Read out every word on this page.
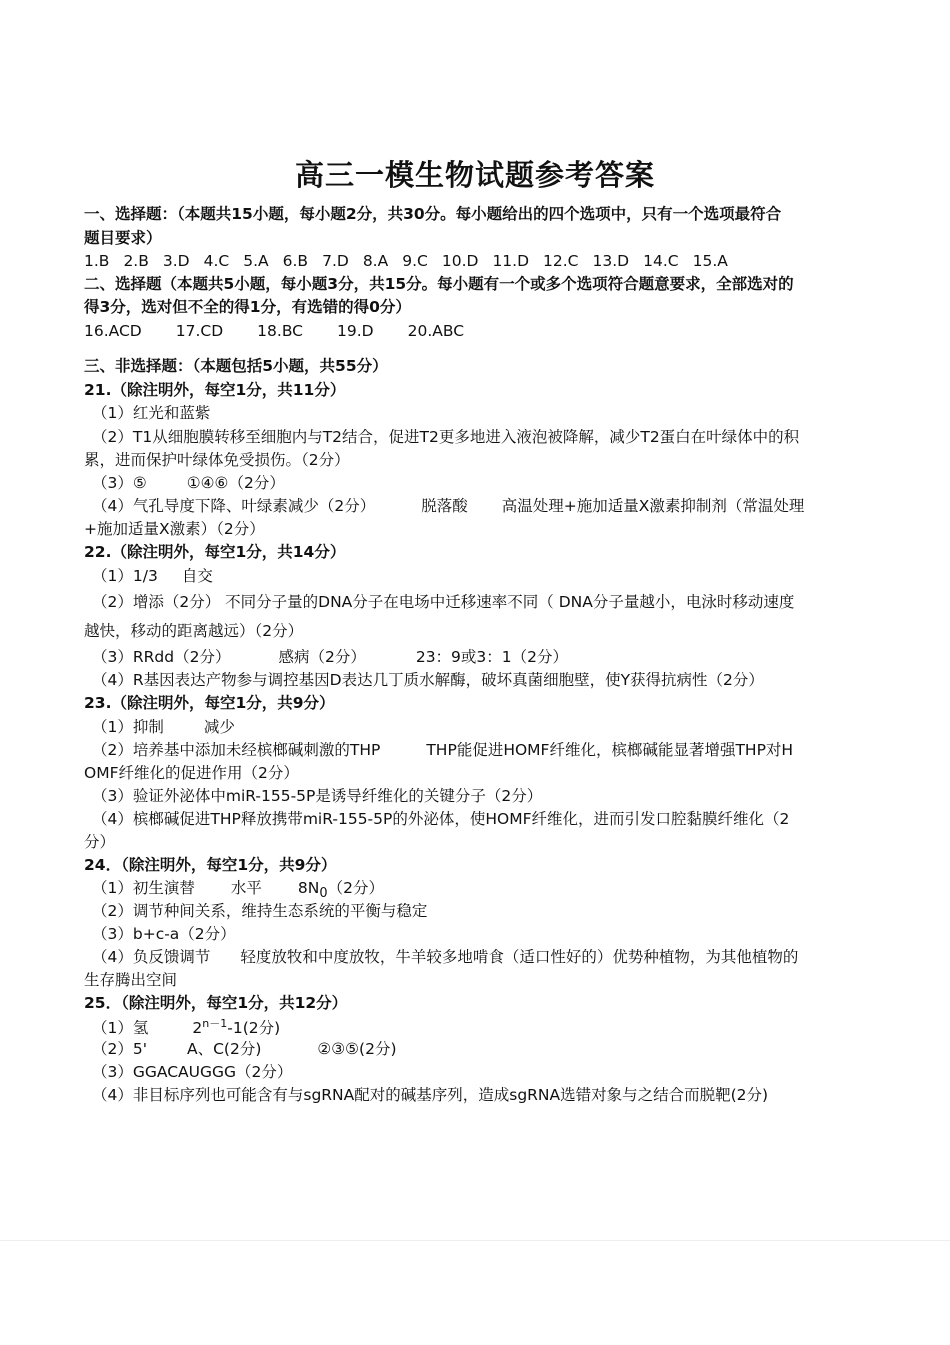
高三一模生物试题参考答案
一、选择题：（本题共15小题，每小题2分，共30分。每小题给出的四个选项中，只有一个选项最符合
题目要求）
1.B 2.B 3.D 4.C 5.A 6.B 7.D 8.A 9.C 10.D 11.D 12.C 13.D 14.C 15.A
二、选择题（本题共5小题，每小题3分，共15分。每小题有一个或多个选项符合题意要求，全部选对的
得3分，选对但不全的得1分，有选错的得0分）
16.ACD 17.CD 18.BC 19.D 20.ABC
三、非选择题：（本题包括5小题，共55分）
21.（除注明外，每空1分，共11分）
（1）红光和蓝紫
（2）T1从细胞膜转移至细胞内与T2结合，促进T2更多地进入液泡被降解，减少T2蛋白在叶绿体中的积
累，进而保护叶绿体免受损伤。（2分）
（3）⑤	①④⑥（2分）
（4）气孔导度下降、叶绿素减少（2分）	脱落酸 高温处理+施加适量X激素抑制剂（常温处理
+施加适量X激素）（2分）
22.（除注明外，每空1分，共14分）
（1）1/3 自交
（2）增添（2分） 不同分子量的DNA分子在电场中迁移速率不同（ DNA分子量越小，电泳时移动速度
越快，移动的距离越远）（2分）
（3）RRdd（2分）	感病（2分）	23：9或3：1（2分）
（4）R基因表达产物参与调控基因D表达几丁质水解酶，破坏真菌细胞壁，使Y获得抗病性（2分）
23.（除注明外，每空1分，共9分）
（1）抑制	减少
（2）培养基中添加未经槟榔碱刺激的THP	THP能促进HOMF纤维化，槟榔碱能显著增强THP对H
OMF纤维化的促进作用（2分）
（3）验证外泌体中miR-155-5P是诱导纤维化的关键分子（2分）
（4）槟榔碱促进THP释放携带miR-155-5P的外泌体，使HOMF纤维化，进而引发口腔黏膜纤维化（2
分）
24．（除注明外，每空1分，共9分）
（1）初生演替 水平 $8N_0(2$分）
（2）调节种间关系，维持生态系统的平衡与稳定
（3）b+c-a（2分）
（4）负反馈调节 轻度放牧和中度放牧，牛羊较多地啃食（适口性好的）优势种植物，为其他植物的
生存腾出空间
25．（除注明外，每空1分，共12分）
（1）氢	$2^{n-1}-1(2$分)
（2）5'	A、C(2分)	②③⑤(2分)
（3）GGACAUGGG（2分）
（4）非目标序列也可能含有与sgRNA配对的碱基序列，造成sgRNA选错对象与之结合而脱靶(2分)
